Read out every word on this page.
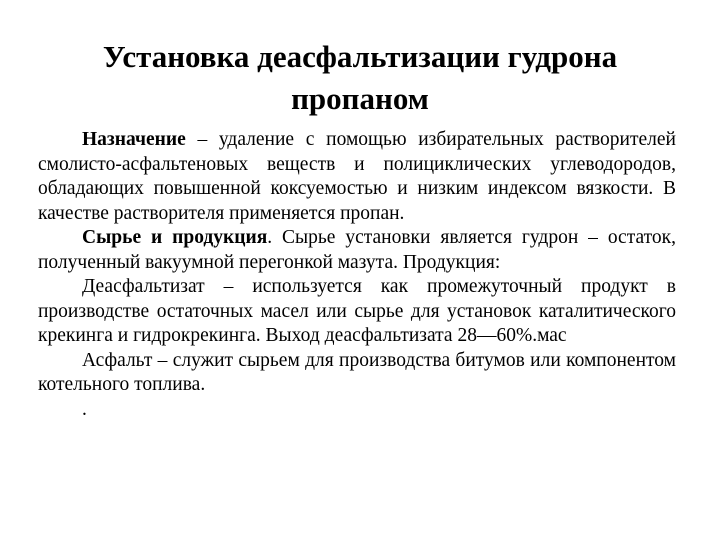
Установка деасфальтизации гудрона
пропаном

Назначение – удаление с помощью избирательных растворителей смолисто-асфальтеновых веществ и полициклических углеводородов, обладающих повышенной коксуемостью и низким индексом вязкости. В качестве растворителя применяется пропан.

Сырье и продукция. Сырье установки является гудрон – остаток, полученный вакуумной перегонкой мазута. Продукция:

Деасфальтизат – используется как промежуточный продукт в производстве остаточных масел или сырье для установок каталитического крекинга и гидрокрекинга. Выход деасфальтизата 28—60%.мас

Асфальт – служит сырьем для производства битумов или компонентом котельного топлива.

.
